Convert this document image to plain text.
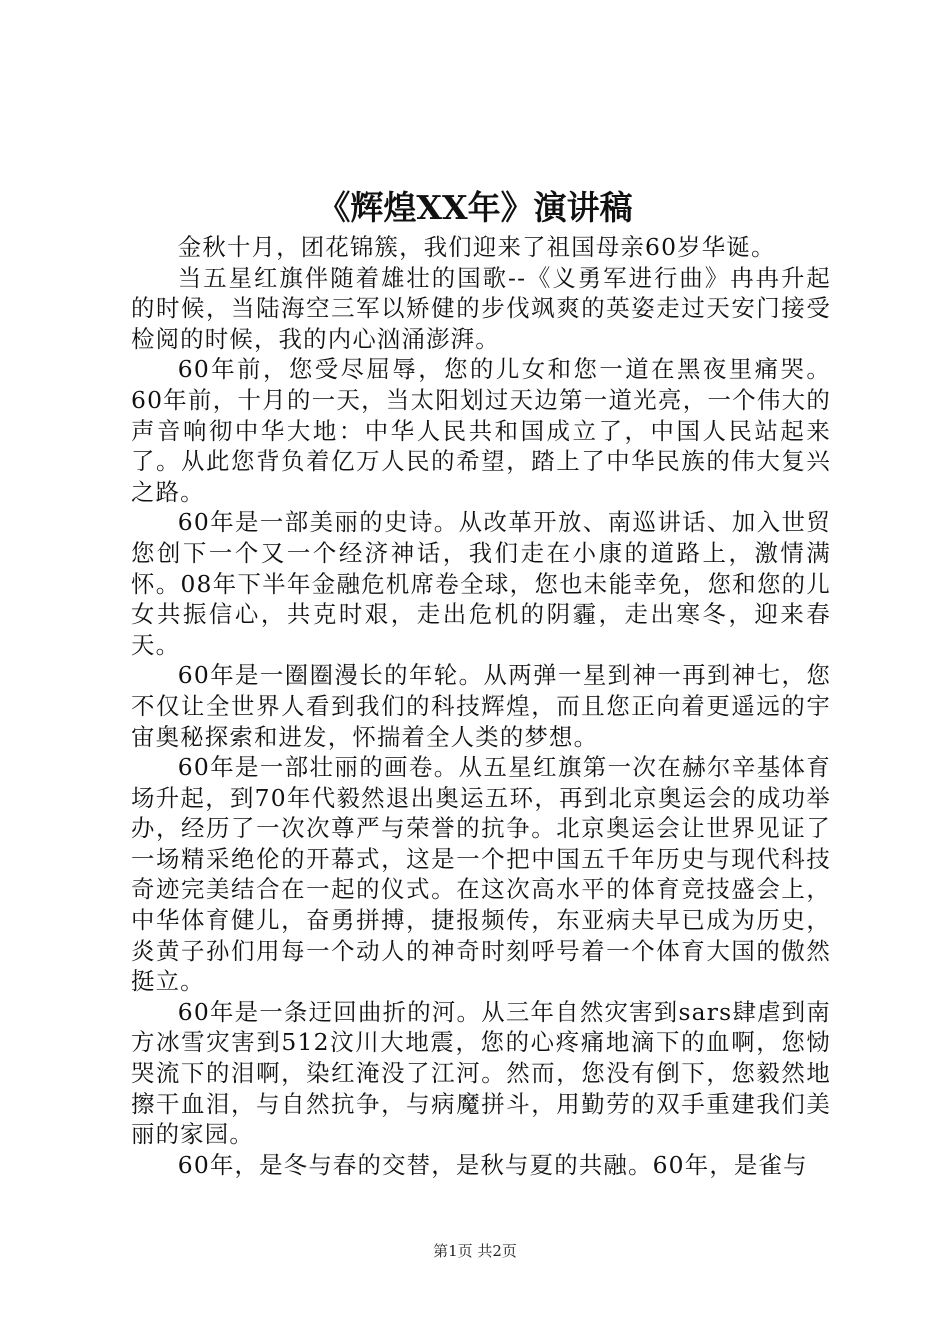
《辉煌XX年》演讲稿

金秋十月，团花锦簇，我们迎来了祖国母亲60岁华诞。

当五星红旗伴随着雄壮的国歌--《义勇军进行曲》冉冉升起的时候，当陆海空三军以矫健的步伐飒爽的英姿走过天安门接受检阅的时候，我的内心汹涌澎湃。

60年前，您受尽屈辱，您的儿女和您一道在黑夜里痛哭。60年前，十月的一天，当太阳划过天边第一道光亮，一个伟大的声音响彻中华大地：中华人民共和国成立了，中国人民站起来了。从此您背负着亿万人民的希望，踏上了中华民族的伟大复兴之路。

60年是一部美丽的史诗。从改革开放、南巡讲话、加入世贸您创下一个又一个经济神话，我们走在小康的道路上，激情满怀。08年下半年金融危机席卷全球，您也未能幸免，您和您的儿女共振信心，共克时艰，走出危机的阴霾，走出寒冬，迎来春天。

60年是一圈圈漫长的年轮。从两弹一星到神一再到神七，您不仅让全世界人看到我们的科技辉煌，而且您正向着更遥远的宇宙奥秘探索和进发，怀揣着全人类的梦想。

60年是一部壮丽的画卷。从五星红旗第一次在赫尔辛基体育场升起，到70年代毅然退出奥运五环，再到北京奥运会的成功举办，经历了一次次尊严与荣誉的抗争。北京奥运会让世界见证了一场精采绝伦的开幕式，这是一个把中国五千年历史与现代科技奇迹完美结合在一起的仪式。在这次高水平的体育竞技盛会上，中华体育健儿，奋勇拼搏，捷报频传，东亚病夫早已成为历史，炎黄子孙们用每一个动人的神奇时刻呼号着一个体育大国的傲然挺立。

60年是一条迂回曲折的河。从三年自然灾害到sars肆虐到南方冰雪灾害到512汶川大地震，您的心疼痛地滴下的血啊，您恸哭流下的泪啊，染红淹没了江河。然而，您没有倒下，您毅然地擦干血泪，与自然抗争，与病魔拼斗，用勤劳的双手重建我们美丽的家园。

60年，是冬与春的交替，是秋与夏的共融。60年，是雀与

第1页 共2页
